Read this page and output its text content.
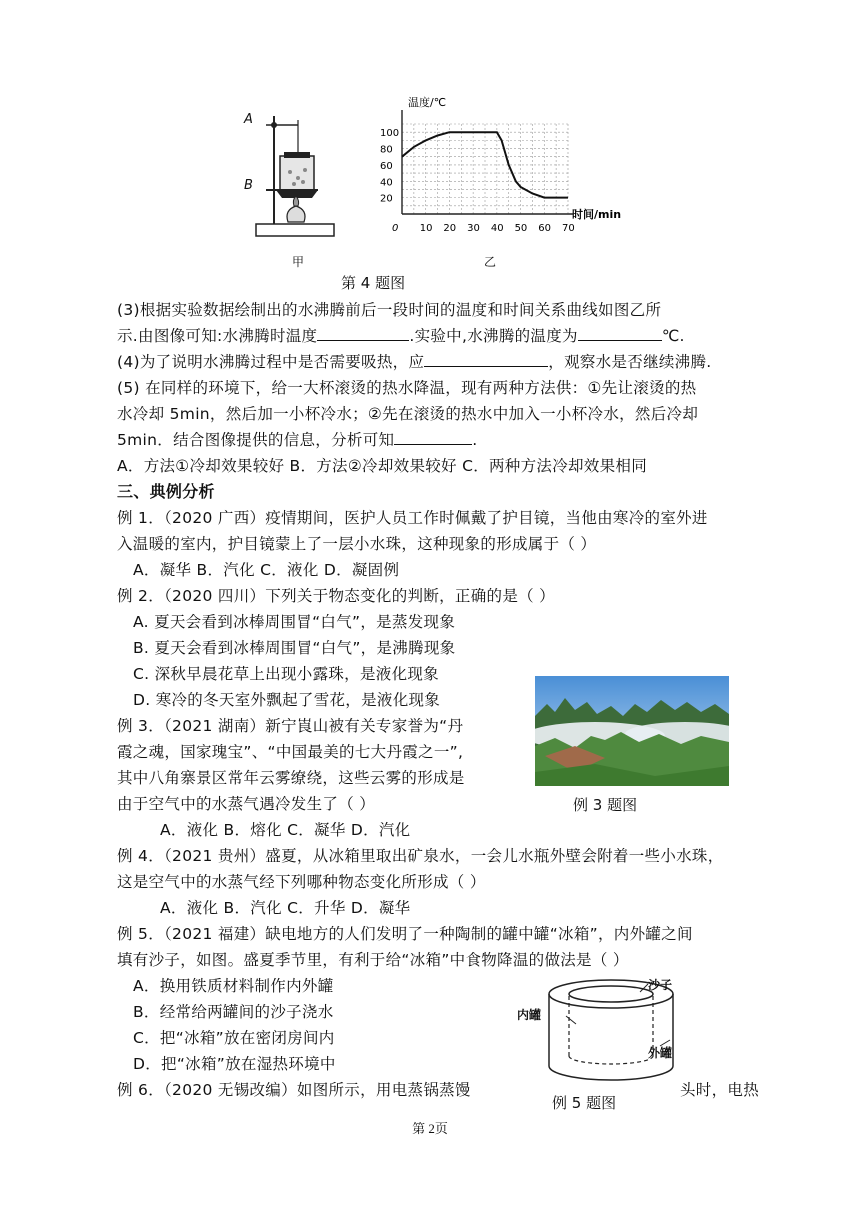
A
B
甲
温度/℃
时间/min
0 10 20 30 40 50 60 70
20
40
60
80
100
乙
第 4 题图
(3)根据实验数据绘制出的水沸腾前后一段时间的温度和时间关系曲线如图乙所
示.由图像可知:水沸腾时温度	.实验中,水沸腾的温度为	℃.
(4)为了说明水沸腾过程中是否需要吸热，应	，观察水是否继续沸腾.
(5) 在同样的环境下，给一大杯滚烫的热水降温，现有两种方法供：①先让滚烫的热
水冷却 5min，然后加一小杯冷水；②先在滚烫的热水中加入一小杯冷水，然后冷却
5min．结合图像提供的信息，分析可知	.
A．方法①冷却效果较好 B．方法②冷却效果较好 C．两种方法冷却效果相同
三、典例分析
例 1．（2020 广西）疫情期间，医护人员工作时佩戴了护目镜，当他由寒冷的室外进
入温暖的室内，护目镜蒙上了一层小水珠，这种现象的形成属于（ ）
A．凝华 B．汽化 C．液化 D．凝固例
例 2．（2020 四川）下列关于物态变化的判断，正确的是（ ）
A. 夏天会看到冰棒周围冒“白气”，是蒸发现象
B. 夏天会看到冰棒周围冒“白气”，是沸腾现象
C. 深秋早晨花草上出现小露珠，是液化现象
D. 寒冷的冬天室外飘起了雪花，是液化现象
例 3．（2021 湖南）新宁崀山被有关专家誉为“丹
霞之魂，国家瑰宝”、“中国最美的七大丹霞之一”,
其中八角寨景区常年云雾缭绕，这些云雾的形成是
由于空气中的水蒸气遇冷发生了（ ）	例 3 题图
A．液化 B．熔化 C．凝华 D．汽化
例 4．（2021 贵州）盛夏，从冰箱里取出矿泉水，一会儿水瓶外壁会附着一些小水珠，
这是空气中的水蒸气经下列哪种物态变化所形成（ ）
A．液化 B．汽化 C．升华 D．凝华
例 5．（2021 福建）缺电地方的人们发明了一种陶制的罐中罐“冰箱”，内外罐之间
填有沙子，如图。盛夏季节里，有利于给“冰箱”中食物降温的做法是（ ）
A．换用铁质材料制作内外罐
B．经常给两罐间的沙子浇水
C．把“冰箱”放在密闭房间内
D．把“冰箱”放在湿热环境中
沙子
内罐
外罐
例 6．（2020 无锡改编）如图所示，用电蒸锅蒸馒
例 5 题图
头时，电热
第 2页
